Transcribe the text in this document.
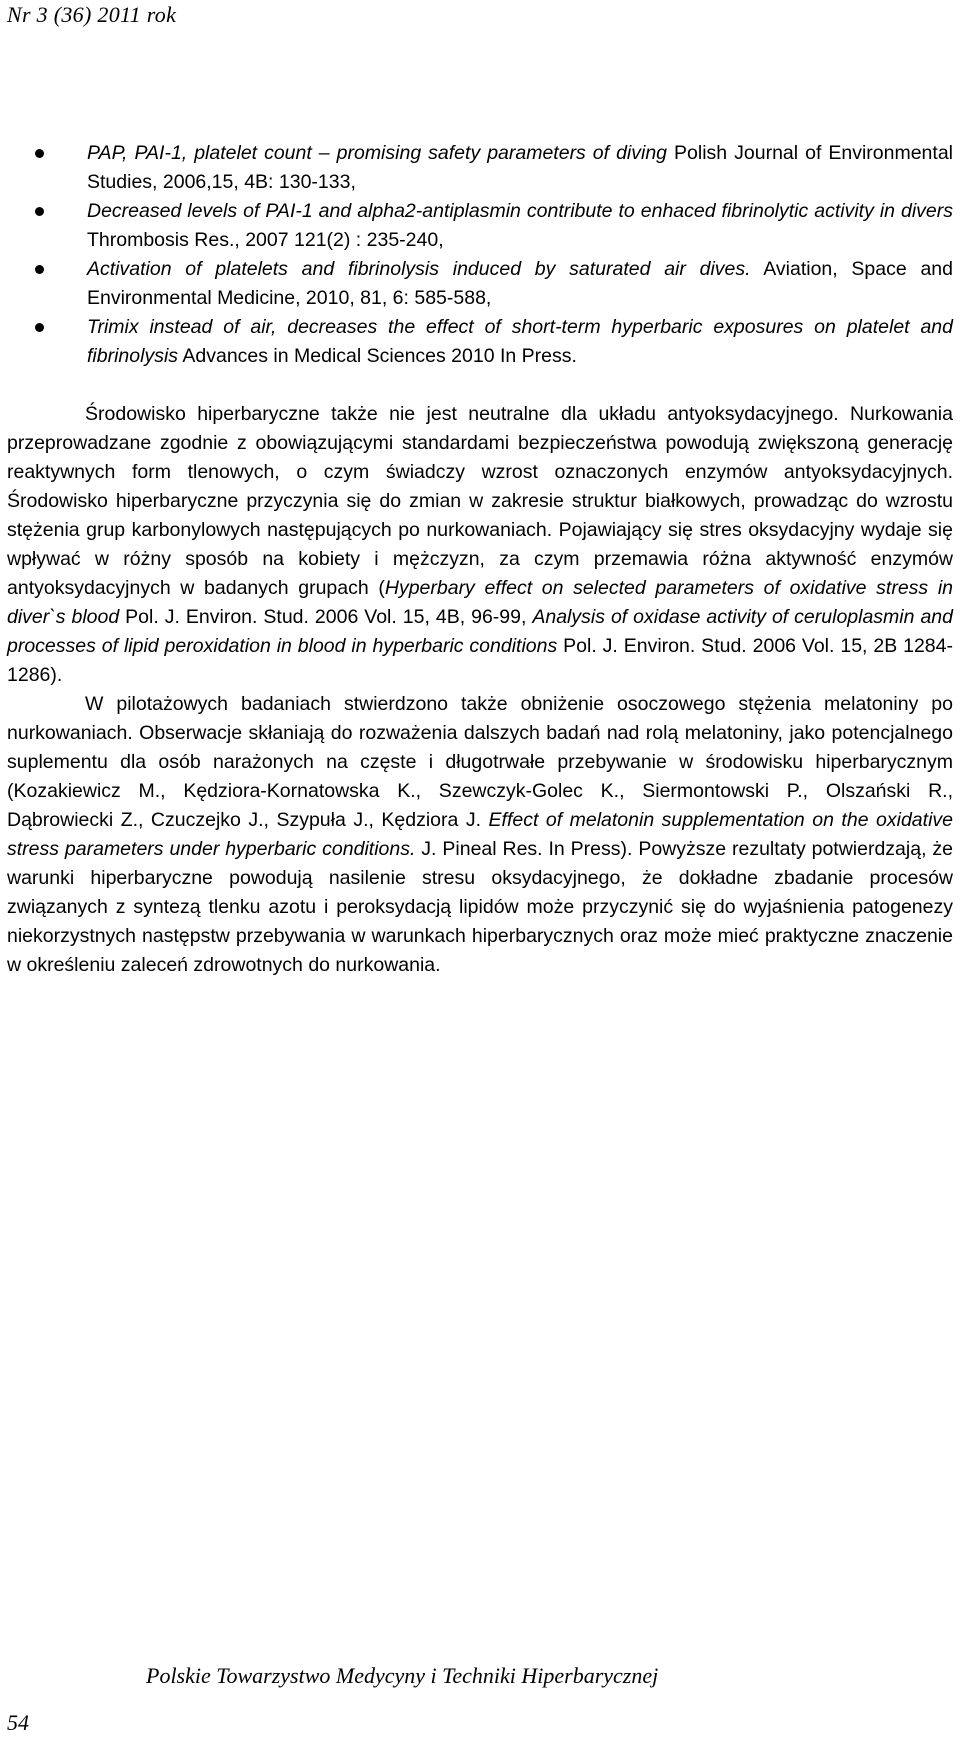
Nr 3 (36) 2011 rok
PAP, PAI-1, platelet count – promising safety parameters of diving Polish Journal of Environmental Studies, 2006,15, 4B: 130-133,
Decreased levels of PAI-1 and alpha2-antiplasmin contribute to enhaced fibrinolytic activity in divers Thrombosis Res., 2007 121(2) : 235-240,
Activation of platelets and fibrinolysis induced by saturated air dives. Aviation, Space and Environmental Medicine, 2010, 81, 6: 585-588,
Trimix instead of air, decreases the effect of short-term hyperbaric exposures on platelet and fibrinolysis Advances in Medical Sciences 2010 In Press.

Środowisko hiperbaryczne także nie jest neutralne dla układu antyoksydacyjnego. Nurkowania przeprowadzane zgodnie z obowiązującymi standardami bezpieczeństwa powodują zwiększoną generację reaktywnych form tlenowych, o czym świadczy wzrost oznaczonych enzymów antyoksydacyjnych. Środowisko hiperbaryczne przyczynia się do zmian w zakresie struktur białkowych, prowadząc do wzrostu stężenia grup karbonylowych następujących po nurkowaniach. Pojawiający się stres oksydacyjny wydaje się wpływać w różny sposób na kobiety i mężczyzn, za czym przemawia różna aktywność enzymów antyoksydacyjnych w badanych grupach (Hyperbary effect on selected parameters of oxidative stress in diver`s blood Pol. J. Environ. Stud. 2006 Vol. 15, 4B, 96-99, Analysis of oxidase activity of ceruloplasmin and processes of lipid peroxidation in blood in hyperbaric conditions Pol. J. Environ. Stud. 2006 Vol. 15, 2B 1284-1286).

W pilotażowych badaniach stwierdzono także obniżenie osoczowego stężenia melatoniny po nurkowaniach. Obserwacje skłaniają do rozważenia dalszych badań nad rolą melatoniny, jako potencjalnego suplementu dla osób narażonych na częste i długotrwałe przebywanie w środowisku hiperbarycznym (Kozakiewicz M., Kędziora-Kornatowska K., Szewczyk-Golec K., Siermontowski P., Olszański R., Dąbrowiecki Z., Czuczejko J., Szypuła J., Kędziora J. Effect of melatonin supplementation on the oxidative stress parameters under hyperbaric conditions. J. Pineal Res. In Press). Powyższe rezultaty potwierdzają, że warunki hiperbaryczne powodują nasilenie stresu oksydacyjnego, że dokładne zbadanie procesów związanych z syntezą tlenku azotu i peroksydacją lipidów może przyczynić się do wyjaśnienia patogenezy niekorzystnych następstw przebywania w warunkach hiperbarycznych oraz może mieć praktyczne znaczenie w określeniu zaleceń zdrowotnych do nurkowania.

Polskie Towarzystwo Medycyny i Techniki Hiperbarycznej
54
